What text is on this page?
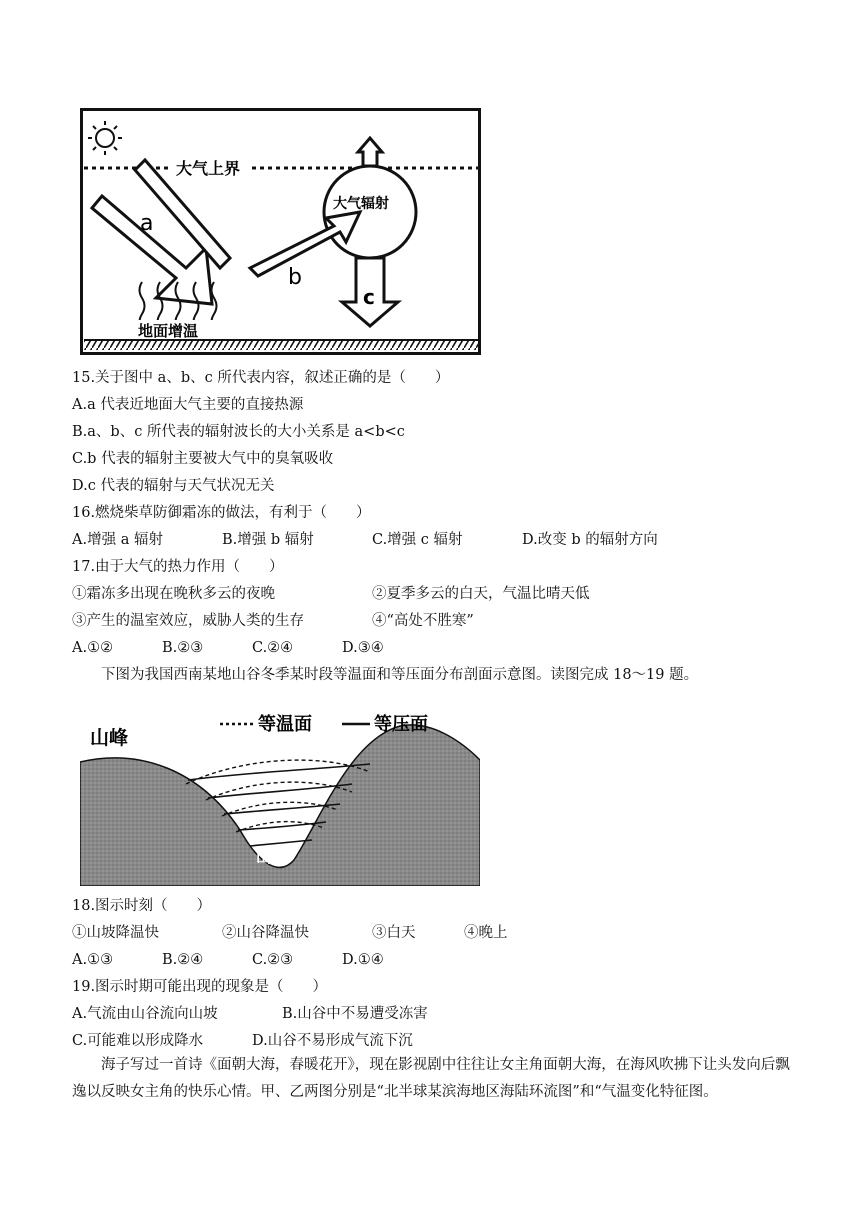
大气上界
a
地面增温
大气辐射
b
c
15.关于图中 a、b、c 所代表内容，叙述正确的是（　　）
A.a 代表近地面大气主要的直接热源
B.a、b、c 所代表的辐射波长的大小关系是 a<b<c
C.b 代表的辐射主要被大气中的臭氧吸收
D.c 代表的辐射与天气状况无关
16.燃烧柴草防御霜冻的做法，有利于（　　）
A.增强 a 辐射	B.增强 b 辐射	C.增强 c 辐射	D.改变 b 的辐射方向
17.由于大气的热力作用（　　）
①霜冻多出现在晚秋多云的夜晚	②夏季多云的白天，气温比晴天低
③产生的温室效应，威胁人类的生存	④“高处不胜寒”
A.①②	B.②③	C.②④	D.③④
下图为我国西南某地山谷冬季某时段等温面和等压面分布剖面示意图。读图完成 18～19 题。
山峰
等温面	等压面
山谷
18.图示时刻（　　）
①山坡降温快	②山谷降温快	③白天	④晚上
A.①③	B.②④	C.②③	D.①④
19.图示时期可能出现的现象是（　　）
A.气流由山谷流向山坡	B.山谷中不易遭受冻害
C.可能难以形成降水	D.山谷不易形成气流下沉
海子写过一首诗《面朝大海，春暖花开》，现在影视剧中往往让女主角面朝大海，在海风吹拂下让头发向后飘逸以反映女主角的快乐心情。甲、乙两图分别是“北半球某滨海地区海陆环流图”和“气温变化特征图。
